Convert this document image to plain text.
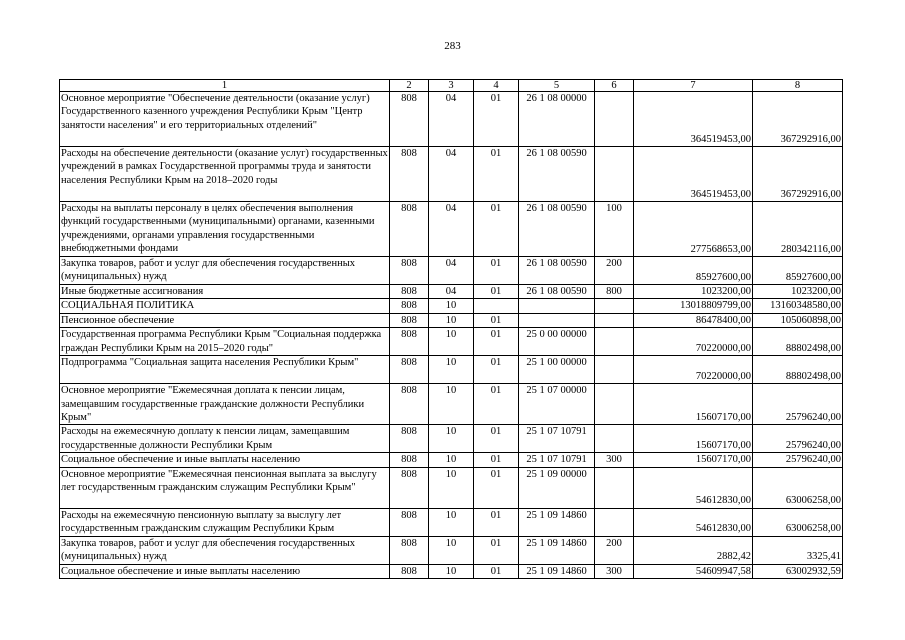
283
1	2	3	4	5	6	7	8
Основное мероприятие "Обеспечение деятельности (оказание услуг) Государственного казенного учреждения Республики Крым "Центр занятости населения" и его территориальных отделений"	808	04	01	26 1 08 00000		364519453,00	367292916,00
Расходы на обеспечение деятельности (оказание услуг) государственных учреждений в рамках Государственной программы труда и занятости населения Республики Крым на 2018–2020 годы	808	04	01	26 1 08 00590		364519453,00	367292916,00
Расходы на выплаты персоналу в целях обеспечения выполнения функций государственными (муниципальными) органами, казенными учреждениями, органами управления государственными внебюджетными фондами	808	04	01	26 1 08 00590	100	277568653,00	280342116,00
Закупка товаров, работ и услуг для обеспечения государственных (муниципальных) нужд	808	04	01	26 1 08 00590	200	85927600,00	85927600,00
Иные бюджетные ассигнования	808	04	01	26 1 08 00590	800	1023200,00	1023200,00
СОЦИАЛЬНАЯ ПОЛИТИКА	808	10				13018809799,00	13160348580,00
Пенсионное обеспечение	808	10	01			86478400,00	105060898,00
Государственная программа Республики Крым "Социальная поддержка граждан Республики Крым на 2015–2020 годы"	808	10	01	25 0 00 00000		70220000,00	88802498,00
Подпрограмма "Социальная защита населения Республики Крым"	808	10	01	25 1 00 00000		70220000,00	88802498,00
Основное мероприятие "Ежемесячная доплата к пенсии лицам, замещавшим государственные гражданские должности Республики Крым"	808	10	01	25 1 07 00000		15607170,00	25796240,00
Расходы на ежемесячную доплату к пенсии лицам, замещавшим государственные должности Республики Крым	808	10	01	25 1 07 10791		15607170,00	25796240,00
Социальное обеспечение и иные выплаты населению	808	10	01	25 1 07 10791	300	15607170,00	25796240,00
Основное мероприятие "Ежемесячная пенсионная выплата за выслугу лет государственным гражданским служащим Республики Крым"	808	10	01	25 1 09 00000		54612830,00	63006258,00
Расходы на ежемесячную пенсионную выплату за выслугу лет государственным гражданским служащим Республики Крым	808	10	01	25 1 09 14860		54612830,00	63006258,00
Закупка товаров, работ и услуг для обеспечения государственных (муниципальных) нужд	808	10	01	25 1 09 14860	200	2882,42	3325,41
Социальное обеспечение и иные выплаты населению	808	10	01	25 1 09 14860	300	54609947,58	63002932,59
